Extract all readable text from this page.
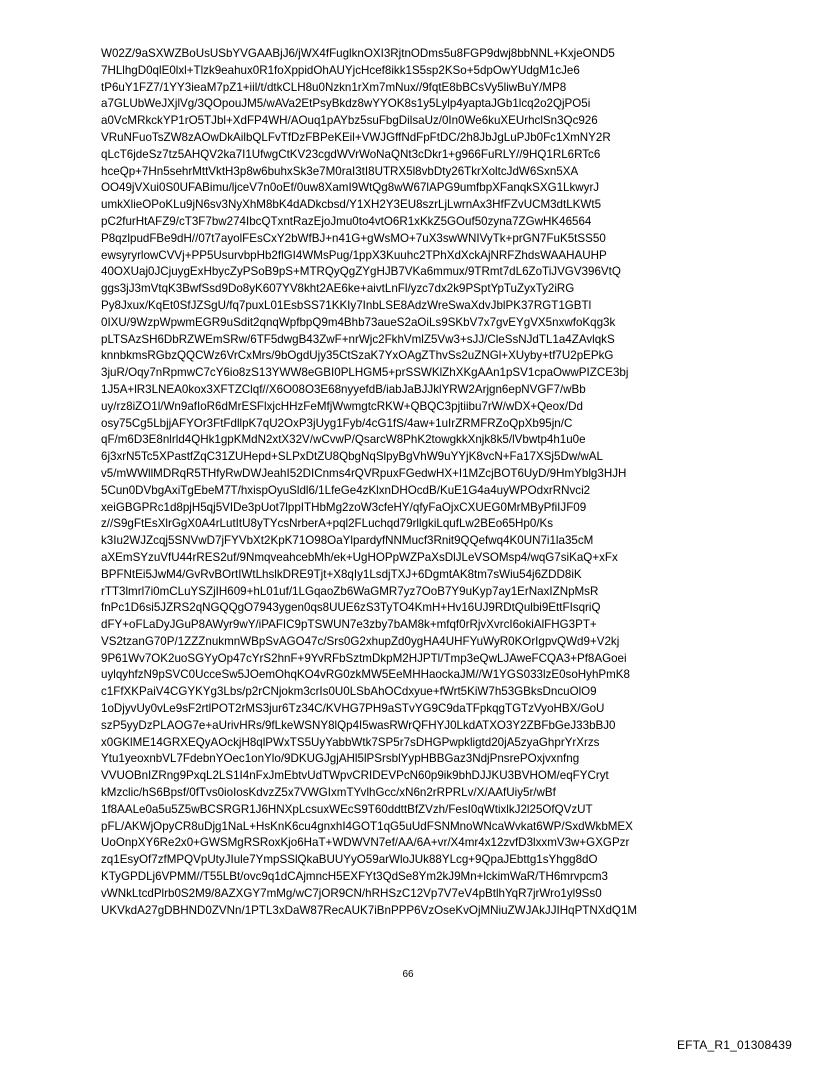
W02Z/9aSXWZBoUsUSbYVGAABjJ6/jWX4fFuglknOXI3RjtnODms5u8FGP9dwj8bbNNL+KxjeOND5
7HLlhgD0qlE0lxl+Tlzk9eahux0R1foXppidOhAUYjcHcef8ikk1S5sp2KSo+5dpOwYUdgM1cJe6
tP6uY1FZ7/1YY3ieaM7pZ1+iil/t/dtkCLH8u0Nzkn1rXm7mNux//9fqtE8bBCsVy5liwBuY/MP8
a7GLUbWeJXjlVg/3QOpouJM5/wAVa2EtPsyBkdz8wYYOK8s1y5Lylp4yaptaJGb1lcq2o2QjPO5i
a0VcMRkckYP1rO5TJbl+XdFP4WH/AOuq1pAYbz5suFbgDilsaUz/0In0We6kuXEUrhclSn3Qc926
VRuNFuoTsZW8zAOwDkAilbQLFvTfDzFBPeKEil+VWJGffNdFpFtDC/2h8JbJgLuPJb0Fc1XmNY2R
qLcT6jdeSz7tz5AHQV2ka7I1UfwgCtKV23cgdWVrWoNaQNt3cDkr1+g966FuRLY//9HQ1RL6RTc6
hceQp+7Hn5sehrMttVktH3p8w6buhxSk3e7M0raI3tI8UTRX5l8vbDty26TkrXoltcJdW6Sxn5XA
OO49jVXui0S0UFABimu/ljceV7n0oEf/0uw8XamI9WtQg8wW67lAPG9umfbpXFanqkSXG1LkwyrJ
umkXlieOPoKLu9jN6sv3NyXhM8bK4dADkcbsd/Y1XH2Y3EU8szrLjLwrnAx3HfFZvUCM3dtLKWt5
pC2furHtAFZ9/cT3F7bw274IbcQTxntRazEjoJmu0to4vtO6R1xKkZ5GOuf50zyna7ZGwHK46564
P8qzlpudFBe9dH//07t7ayolFEsCxY2bWfBJ+n41G+gWsMO+7uX3swWNIVyTk+prGN7FuK5tSS50
ewsyryrlowCVVj+PP5UsurvbpHb2flGI4WMsPug/1ppX3Kuuhc2TPhXdXckAjNRFZhdsWAAHAUHP
40OXUaj0JCjuygExHbycZyPSoB9pS+MTRQyQgZYgHJB7VKa6mmux/9TRmt7dL6ZoTiJVGV396VtQ
ggs3jJ3mVtqK3BwfSsd9Do8yK607YV8kht2AE6ke+aivtLnFl/yzc7dx2k9PSptYpTuZyxTy2iRG
Py8Jxux/KqEt0SfJZSgU/fq7puxL01EsbSS71KKIy7InbLSE8AdzWreSwaXdvJblPK37RGT1GBTl
0IXU/9WzpWpwmEGR9uSdit2qnqWpfbpQ9m4Bhb73aueS2aOiLs9SKbV7x7gvEYgVX5nxwfoKqg3k
pLTSAzSH6DbRZWEmSRw/6TF5dwgB43ZwF+nrWjc2FkhVmlZ5Vw3+sJJ/CleSsNJdTL1a4ZAvlqkS
knnbkmsRGbzQQCWz6VrCxMrs/9bOgdUjy35CtSzaK7YxOAgZThvSs2uZNGl+XUyby+tf7U2pEPkG
3juR/Oqy7nRpmwC7cY6io8zS13YWW8eGBI0PLHGM5+prSSWKlZhXKgAAn1pSV1cpaOwwPIZCE3bj
1J5A+lR3LNEA0kox3XFTZClqf//X6O08O3E68nyyefdB/iabJaBJJklYRW2Arjgn6epNVGF7/wBb
uy/rz8iZO1l/Wn9afIoR6dMrESFlxjcHHzFeMfjWwmgtcRKW+QBQC3pjtiibu7rW/wDX+Qeox/Dd
osy75Cg5LbjjAFYOr3FtFdllpK7qU2OxP3jUyg1Fyb/4cG1fS/4aw+1uIrZRMFRZoQpXb95jn/C
qF/m6D3E8nlrld4QHk1gpKMdN2xtX32V/wCvwP/QsarcW8PhK2towgkkXnjk8k5/lVbwtp4h1u0e
6j3xrN5Tc5XPastfZqC31ZUHepd+SLPxDtZU8QbgNqSlpyBgVhW9uYYjK8vcN+Fa17XSj5Dw/wAL
v5/mWWllMDRqR5THfyRwDWJeahI52DICnms4rQVRpuxFGedwHX+I1MZcjBOT6UyD/9HmYblg3HJH
5Cun0DVbgAxiTgEbeM7T/hxispOyuSldl6/1LfeGe4zKlxnDHOcdB/KuE1G4a4uyWPOdxrRNvci2
xeiGBGPRc1d8pjH5qj5VIDe3pUot7lppITHbMg2zoW3cfeHY/qfyFaOjxCXUEG0MrMByPfiIJF09
z//S9gFtEsXlrGgX0A4rLutItU8yTYcsNrberA+pql2FLuchqd79rllgkiLqufLw2BEo65Hp0/Ks
k3Iu2WJZcqj5SNVwD7jFYVbXt2KpK71O98OaYlpardyfNNMucf3Rnit9QQefwq4K0UN7i1la35cM
aXEmSYzuVfU44rRES2uf/9NmqveahcebMh/ek+UgHOPpWZPaXsDlJLeVSOMsp4/wqG7siKaQ+xFx
BPFNtEi5JwM4/GvRvBOrtIWtLhslkDRE9Tjt+X8qIy1LsdjTXJ+6DgmtAK8tm7sWiu54j6ZDD8iK
rTT3lmrl7i0mCLuYSZjIH609+hL01uf/1LGqaoZb6WaGMR7yz7OoB7Y9uKyp7ay1ErNaxIZNpMsR
fnPc1D6si5JZRS2qNGQQgO7943ygen0qs8UUE6zS3TyTO4KmH+Hv16UJ9RDtQulbi9EttFIsqriQ
dFY+oFLaDyJGuP8AWyr9wY/iPAFIC9pTSWUN7e3zby7bAM8k+mfqf0rRjvXvrcI6okiAlFHG3PT+
VS2tzanG70P/1ZZZnukmnWBpSvAGO47c/Srs0G2xhupZd0ygHA4UHFYuWyR0KOrIgpvQWd9+V2kj
9P61Wv7OK2uoSGYyOp47cYrS2hnF+9YvRFbSztmDkpM2HJPTl/Tmp3eQwLJAweFCQA3+Pf8AGoei
uylqyhfzN9pSVC0UcceSw5JOemOhqKO4vRG0zkMW5EeMHHaockaJM//W1YGS033lzE0soHyhPmK8
c1FfXKPaiV4CGYKYg3Lbs/p2rCNjokm3crIs0U0LSbAhOCdxyue+fWrt5KiW7h53GBksDncuOlO9
1oDjyvUy0vLe9sF2rtlPOT2rMS3jur6Tz34C/KVHG7PH9aSTvYG9C9daTFpkqgTGTzVyoHBX/GoU
szP5yyDzPLAOG7e+aUrivHRs/9fLkeWSNY8lQp4I5wasRWrQFHYJ0LkdATXO3Y2ZBFbGeJ33bBJ0
x0GKlME14GRXEQyAOckjH8qlPWxTS5UyYabbWtk7SP5r7sDHGPwpkligtd20jA5zyaGhprYrXrzs
Ytu1yeoxnbVL7FdebnYOec1onYlo/9DKUGJgjAHl5lPSrsblYypHBBGaz3NdjPnsrePOxjvxnfng
VVUOBnIZRng9PxqL2LS1I4nFxJmEbtvUdTWpvCRIDEVPcN60p9ik9bhDJJKU3BVHOM/eqFYCryt
kMzclic/hS6Bpsf/0fTvs0ioIosKdvzZ5x7VWGIxmTYvlhGcc/xN6n2rRPRLv/X/AAfUiy5r/wBf
1f8AALe0a5u5Z5wBCSRGR1J6HNXpLcsuxWEcS9T60ddttBfZVzh/FesI0qWtixlkJ2l25OfQVzUT
pFL/AKWjOpyCR8uDjg1NaL+HsKnK6cu4gnxhI4GOT1qG5uUdFSNMnoWNcaWvkat6WP/SxdWkbMEX
UoOnpXY6Re2x0+GWSMgRSRoxKjo6HaT+WDWVN7ef/AA/6A+vr/X4mr4x12zvfD3lxxmV3w+GXGPzr
zq1EsyOf7zfMPQVpUtyJIule7YmpSSlQkaBUUYyO59arWloJUk88YLcg+9QpaJEbttg1sYhgg8dO
KTyGPDLj6VPMM//T55LBt/ovc9q1dCAjmncH5EXFYt3QdSe8Ym2kJ9Mn+lckimWaR/TH6mrvpcm3
vWNkLtcdPlrb0S2M9/8AZXGY7mMg/wC7jOR9CN/hRHSzC12Vp7V7eV4pBtlhYqR7jrWro1yl9Ss0
UKVkdA27gDBHND0ZVNn/1PTL3xDaW87RecAUK7iBnPPP6VzOseKvOjMNiuZWJAkJJIHqPTNXdQ1M
66
EFTA_R1_01308439
